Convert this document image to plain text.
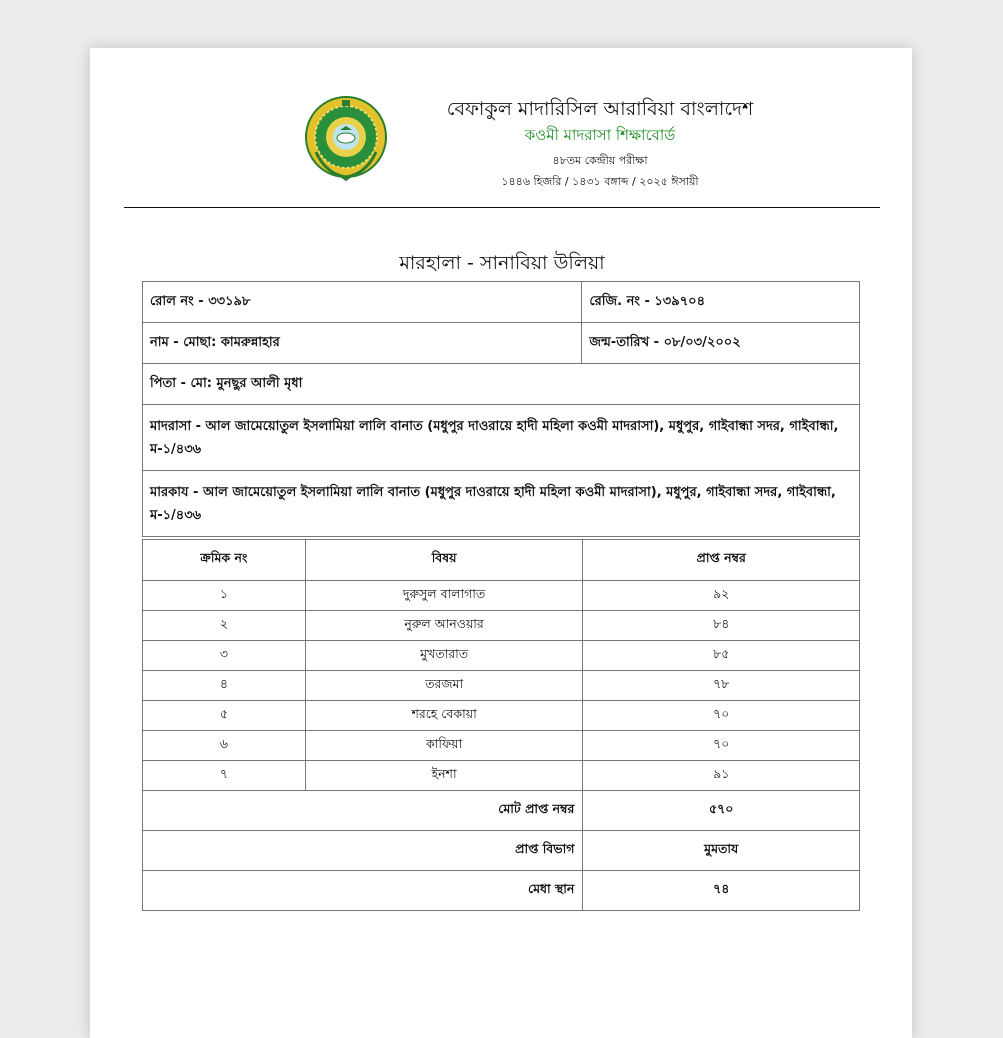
বেফাকুল মাদারিসিল আরাবিয়া বাংলাদেশ
কওমী মাদরাসা শিক্ষাবোর্ড
৪৮তম কেন্দ্রীয় পরীক্ষা
১৪৪৬ হিজরি / ১৪৩১ বঙ্গাব্দ / ২০২৫ ঈসায়ী
মারহালা - সানাবিয়া উলিয়া
রোল নং - ৩৩১৯৮	রেজি. নং - ১৩৯৭০৪
নাম - মোছা: কামরুন্নাহার	জন্ম-তারিখ - ০৮/০৩/২০০২
পিতা - মো: মুনছুর আলী মৃধা	
মাদরাসা - আল জামেয়োতুল ইসলামিয়া লালি বানাত (মধুপুর দাওরায়ে হাদী মহিলা কওমী মাদরাসা), মধুপুর, গাইবান্ধা সদর, গাইবান্ধা, ম-১/৪৩৬	
মারকায - আল জামেয়োতুল ইসলামিয়া লালি বানাত (মধুপুর দাওরায়ে হাদী মহিলা কওমী মাদরাসা), মধুপুর, গাইবান্ধা সদর, গাইবান্ধা, ম-১/৪৩৬	
ক্রমিক নং	বিষয়	প্রাপ্ত নম্বর
১	দুরুসুল বালাগাত	৯২
২	নুরুল আনওয়ার	৮৪
৩	মুখতারাত	৮৫
৪	তরজমা	৭৮
৫	শরহে বেকায়া	৭০
৬	কাফিয়া	৭০
৭	ইনশা	৯১
মোট প্রাপ্ত নম্বর		৫৭০
প্রাপ্ত বিভাগ		মুমতায
মেধা স্থান		৭৪
